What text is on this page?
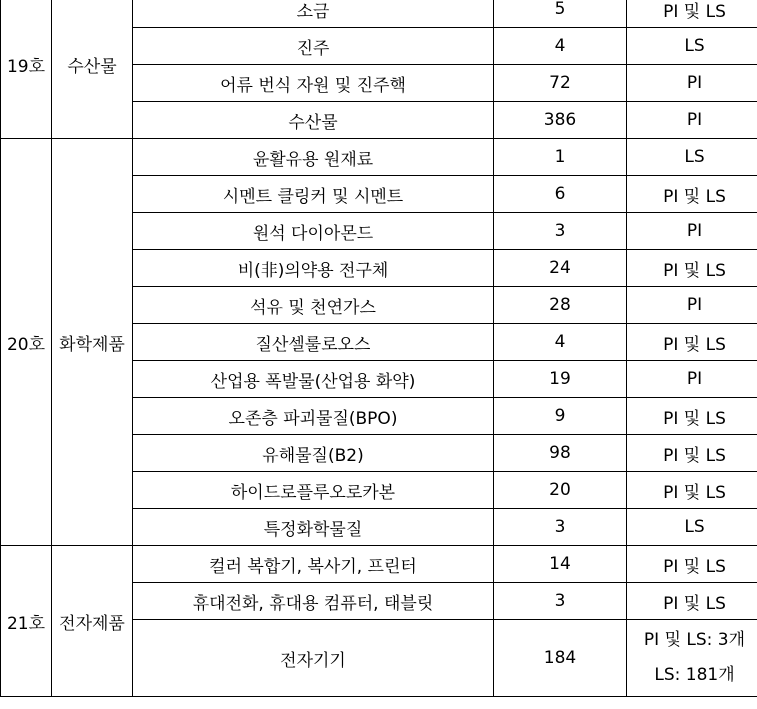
19호	수산물	소금	5	PI 및 LS
		진주	4	LS
		어류 번식 자원 및 진주핵	72	PI
		수산물	386	PI
20호	화학제품	윤활유용 원재료	1	LS
		시멘트 클링커 및 시멘트	6	PI 및 LS
		원석 다이아몬드	3	PI
		비(非)의약용 전구체	24	PI 및 LS
		석유 및 천연가스	28	PI
		질산셀룰로오스	4	PI 및 LS
		산업용 폭발물(산업용 화약)	19	PI
		오존층 파괴물질(BPO)	9	PI 및 LS
		유해물질(B2)	98	PI 및 LS
		하이드로플루오로카본	20	PI 및 LS
		특정화학물질	3	LS
21호	전자제품	컬러 복합기, 복사기, 프린터	14	PI 및 LS
		휴대전화, 휴대용 컴퓨터, 태블릿	3	PI 및 LS
		전자기기	184	PI 및 LS: 3개
LS: 181개
